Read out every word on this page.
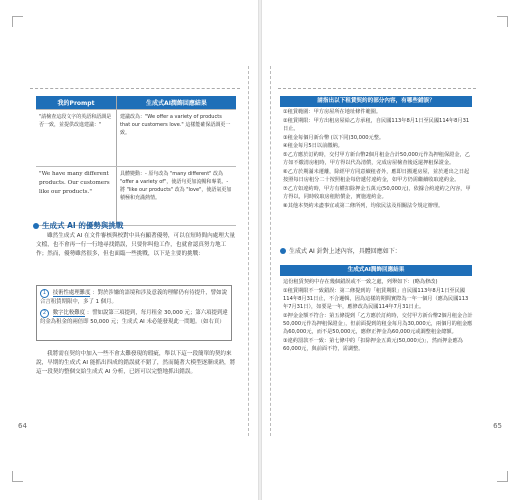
我的Prompt	生成式AI潤飾回應結果
"請檢查這段文字的英語和語調是否一致，並提供改進建議："	建議改為："We offer a variety of products that our customers love." 這樣能確保語調更一致。
"We have many different products. Our customers like our products."	具體變動：- 原句改為 "many different" 改為 "offer a variety of"，使語句更加流暢和專業。- 將 "like our products" 改為 "love"，使語氣更加積極和充滿熱情。
生成式 AI 的優勢與挑戰
雖然生成式 AI 在文件審核與校對中具有顯著優勢，可以在短時間內處理大量文檔，也不會再一行一行地尋找錯誤，只要你叫他工作，也就會認真努力地工作；然而，優勢雖然很多，但也面臨一些挑戰，以下是主要的挑戰：
1 技術性處理難度 ：對於涉嫌的語境和涉及意義的理解仍有待提升，譬如說合言租賃期限中，多了 1 個月。
2 數字比較難度 ：譬如說第三項提到，每月租金 30,000 元；第六項提到違約金為租金的兩倍即 50,000 元；生成式 AI 未必能發現此一問題。（如右頁）
我將需在契約中加入一些不會太難發現的瑕疵，舉以下這一段簡單的契約來說，早期的生成式 AI 能抓出四成的錯誤就不錯了，然而隨著大模型逐漸成熟，將這一段契約整個交給生成式 AI 分析，已經可以完整地抓出錯誤。
64	65
請指出以下租賃契約的部分內容，有哪些錯誤？
①租賃範圍：甲方房屋所在地址條件範圍。
②租賃期限：甲方出租房屋給乙方承租，自民國113年8月1日至民國114年8月31日止。
③租金每個月新台幣 (以下同)30,000元整。
④租金每月5日以前繳納。
⑤乙方應於訂約時，交付甲方新台幣2個月租金合計50,000元作為押租保證金，乙方如不繳清房租時，甲方得以代為清償，完成房屋檢查後返還押租保證金。
⑥乙方於期滿未遷離，除經甲方同意續租者外，應即日搬遷房屋，並於遷出之日起按照每日房租分二十按照租金每倍遞付違約金，如甲方仍需繼續收取違約金。
⑦乙方如違約時，甲方有權扣除押金五萬元(50,000元)，依據合約違約之內容，甲方得以，同時收取房租賠償金，實施違約金。
⑧其他本契約未盡事宜或第二條所列，均依民法及相關法令規定辦理。
生成式 AI 針對上述內容，具體回應如下：
生成式AI潤飾回應結果
這份租賃契約中存在幾個錯誤或不一致之處，列舉如下：(略為修改)
①租賃期限不一致錯誤：第二條提到的「租賃期限」自民國113年8月1日至民國114年8月31日止，不合邏輯，因為這樣的期間實際為一年一個月（應為民國113年7月31日），如要是一年，應修改為民國114年7月31日止。
②押金金額不符合：第五條提到「乙方應於訂約時，交付甲方新台幣2個月租金合計50,000元作為押租保證金」，但前面提到的租金每月為30,000元，兩個月的租金應為60,000元，而不是50,000元，應修正押金為60,000元或調整租金總額。
③違約罰款不一致：第七條中的「扣除押金五萬元(50,000元)」，然而押金應為60,000元，與前面不符，需調整。
